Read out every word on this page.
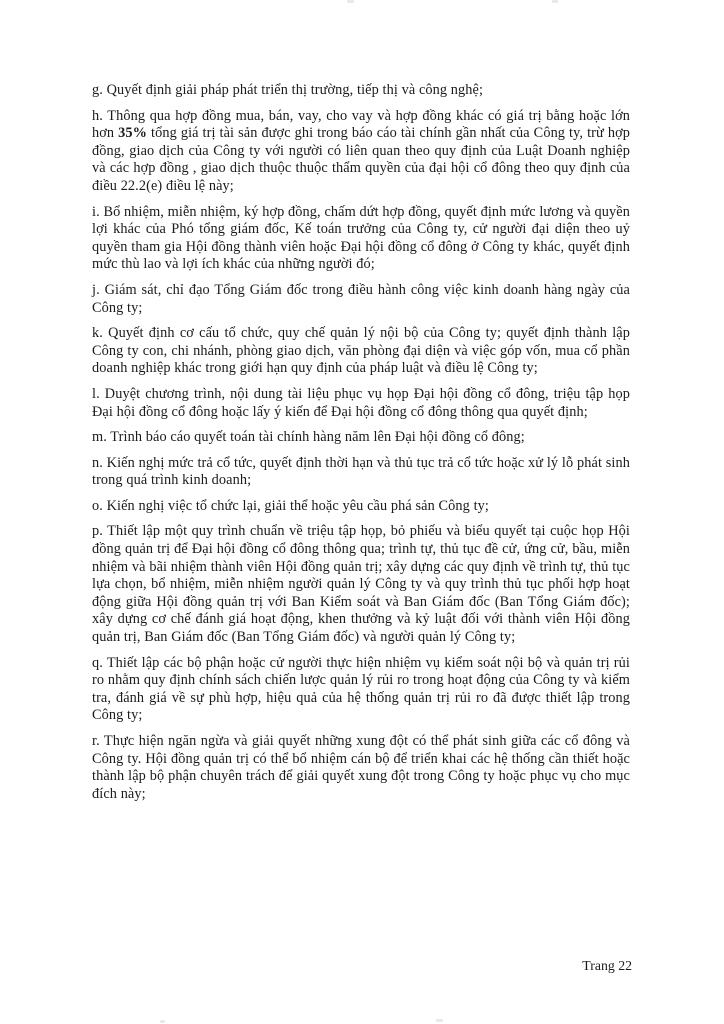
g. Quyết định giải pháp phát triển thị trường, tiếp thị và công nghệ;

h. Thông qua hợp đồng mua, bán, vay, cho vay và hợp đồng khác có giá trị bằng hoặc lớn hơn 35% tổng giá trị tài sản được ghi trong báo cáo tài chính gần nhất của Công ty, trừ hợp đồng, giao dịch của Công ty với người có liên quan theo quy định của Luật Doanh nghiệp và các hợp đồng , giao dịch thuộc thuộc thẩm quyền của đại hội cổ đông theo quy định của điều 22.2(e) điều lệ này;

i. Bổ nhiệm, miễn nhiệm, ký hợp đồng, chấm dứt hợp đồng, quyết định mức lương và quyền lợi khác của Phó tổng giám đốc, Kế toán trưởng của Công ty, cử người đại diện theo uỷ quyền tham gia Hội đồng thành viên hoặc Đại hội đồng cổ đông ở Công ty khác, quyết định mức thù lao và lợi ích khác của những người đó;

j. Giám sát, chỉ đạo Tổng Giám đốc trong điều hành công việc kinh doanh hàng ngày của Công ty;

k. Quyết định cơ cấu tổ chức, quy chế quản lý nội bộ của Công ty; quyết định thành lập Công ty con, chi nhánh, phòng giao dịch, văn phòng đại diện và việc góp vốn, mua cổ phần doanh nghiệp khác trong giới hạn quy định của pháp luật và điều lệ Công ty;

l. Duyệt chương trình, nội dung tài liệu phục vụ họp Đại hội đồng cổ đông, triệu tập họp Đại hội đồng cổ đông hoặc lấy ý kiến để Đại hội đồng cổ đông thông qua quyết định;

m. Trình báo cáo quyết toán tài chính hàng năm lên Đại hội đồng cổ đông;

n. Kiến nghị mức trả cổ tức, quyết định thời hạn và thủ tục trả cổ tức hoặc xử lý lỗ phát sinh trong quá trình kinh doanh;

o. Kiến nghị việc tổ chức lại, giải thể hoặc yêu cầu phá sản Công ty;

p. Thiết lập một quy trình chuẩn về triệu tập họp, bỏ phiếu và biểu quyết tại cuộc họp Hội đồng quản trị để Đại hội đồng cổ đông thông qua; trình tự, thủ tục đề cử, ứng cử, bầu, miễn nhiệm và bãi nhiệm thành viên Hội đồng quản trị; xây dựng các quy định về trình tự, thủ tục lựa chọn, bổ nhiệm, miễn nhiệm người quản lý Công ty và quy trình thủ tục phối hợp hoạt động giữa Hội đồng quản trị với Ban Kiểm soát và Ban Giám đốc (Ban Tổng Giám đốc); xây dựng cơ chế đánh giá hoạt động, khen thưởng và kỷ luật đối với thành viên Hội đồng quản trị, Ban Giám đốc (Ban Tổng Giám đốc) và người quản lý Công ty;

q. Thiết lập các bộ phận hoặc cử người thực hiện nhiệm vụ kiểm soát nội bộ và quản trị rủi ro nhằm quy định chính sách chiến lược quản lý rủi ro trong hoạt động của Công ty và kiểm tra, đánh giá về sự phù hợp, hiệu quả của hệ thống quản trị rủi ro đã được thiết lập trong Công ty;

r. Thực hiện ngăn ngừa và giải quyết những xung đột có thể phát sinh giữa các cổ đông và Công ty. Hội đồng quản trị có thể bổ nhiệm cán bộ để triển khai các hệ thống cần thiết hoặc thành lập bộ phận chuyên trách để giải quyết xung đột trong Công ty hoặc phục vụ cho mục đích này;

Trang 22
